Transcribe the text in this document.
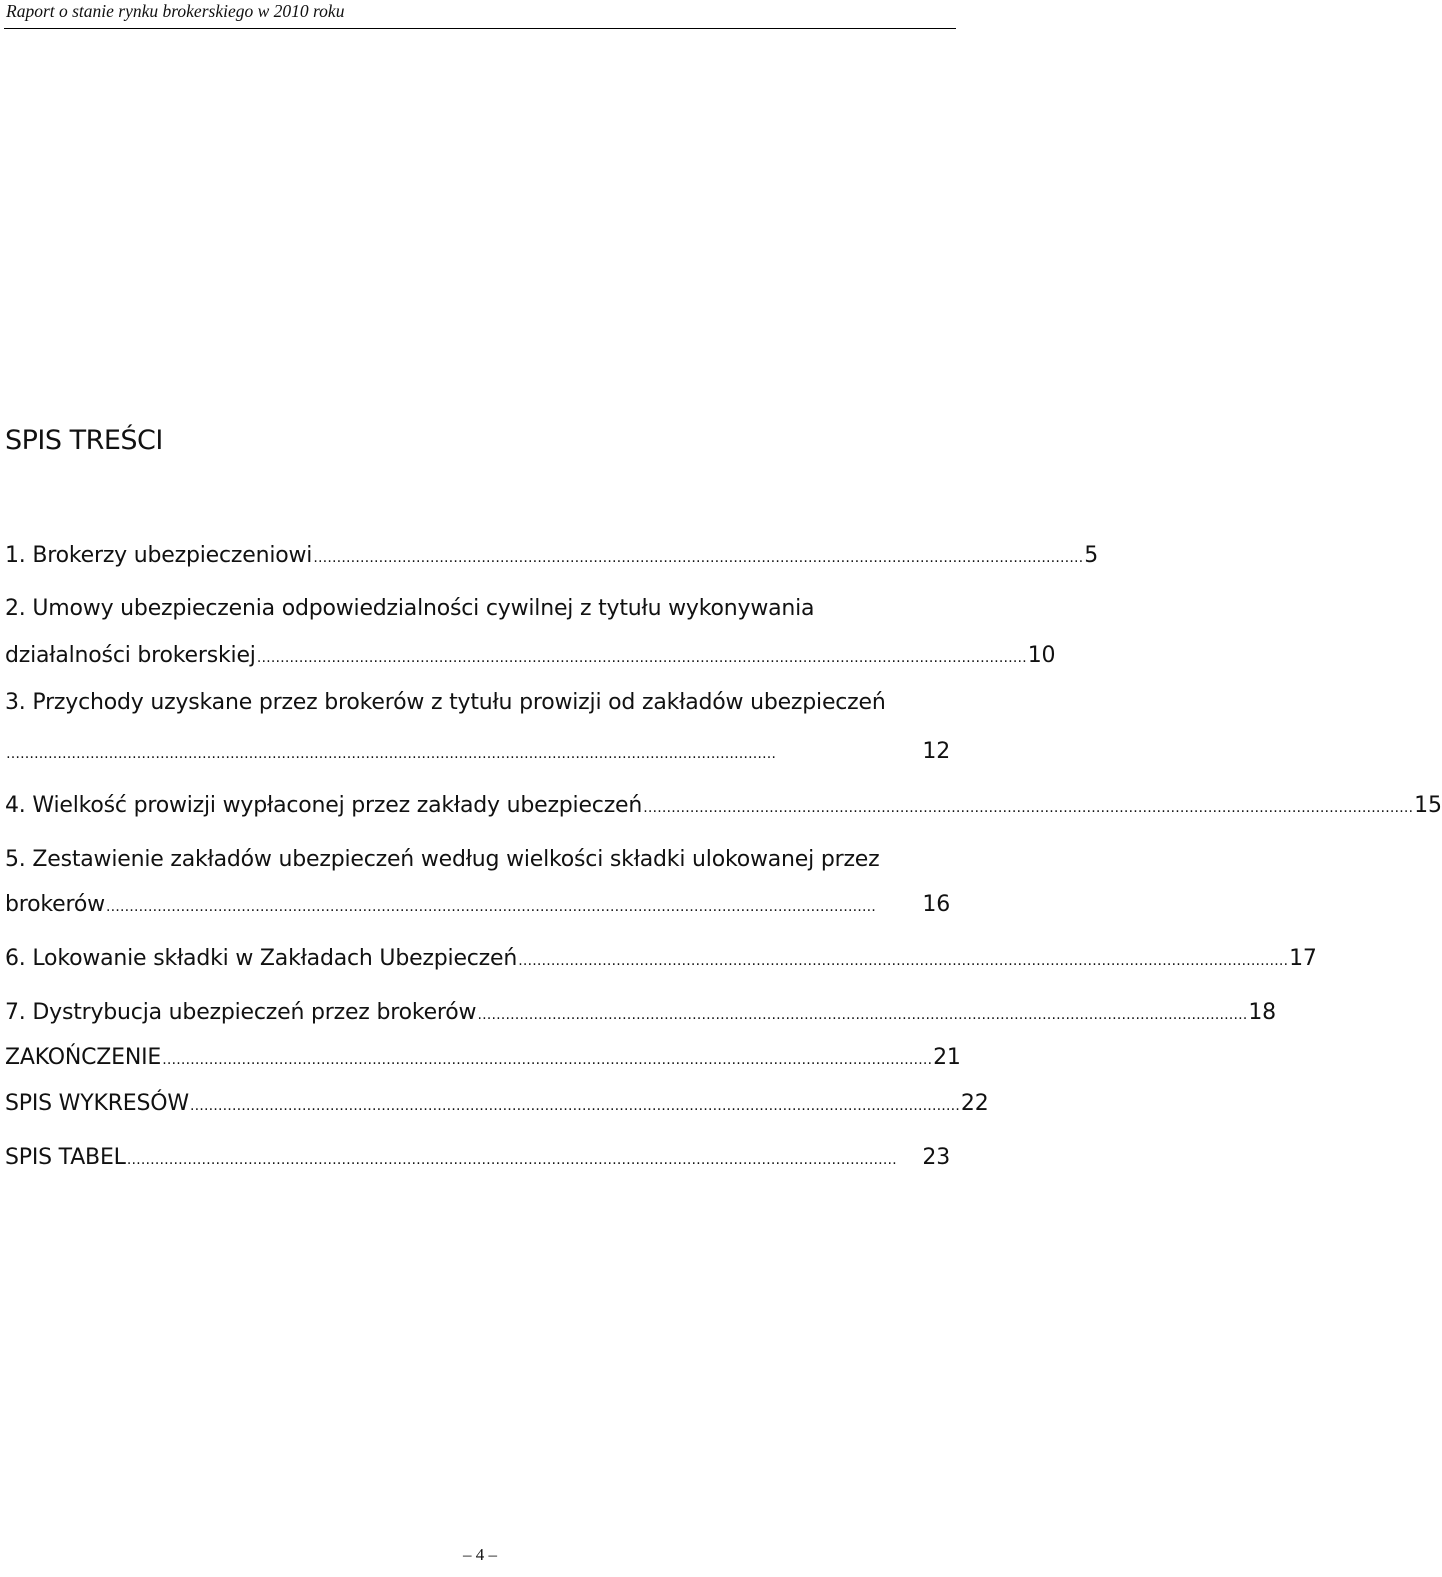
Raport o stanie rynku brokerskiego w 2010 roku
SPIS TREŚCI
1. Brokerzy ubezpieczeniowi ………………………………………………………………………………………………………………………………………………… 5
2. Umowy ubezpieczenia odpowiedzialności cywilnej z tytułu wykonywania
działalności brokerskiej ………………………………………………………………………………………………………………………………………………… 10
3. Przychody uzyskane przez brokerów z tytułu prowizji od zakładów ubezpieczeń
…………………………………………………………………………………………………………………………………………………	12
4. Wielkość prowizji wypłaconej przez zakłady ubezpieczeń ………………………………………………………………………………………………………………………………………………… 15
5. Zestawienie zakładów ubezpieczeń według wielkości składki ulokowanej przez
brokerów …………………………………………………………………………………………………………………………………………………	16
6. Lokowanie składki w Zakładach Ubezpieczeń ………………………………………………………………………………………………………………………………………………… 17
7. Dystrybucja ubezpieczeń przez brokerów ………………………………………………………………………………………………………………………………………………… 18
ZAKOŃCZENIE ………………………………………………………………………………………………………………………………………………… 21
SPIS WYKRESÓW ………………………………………………………………………………………………………………………………………………… 22
SPIS TABEL …………………………………………………………………………………………………………………………………………………	23
– 4 –
